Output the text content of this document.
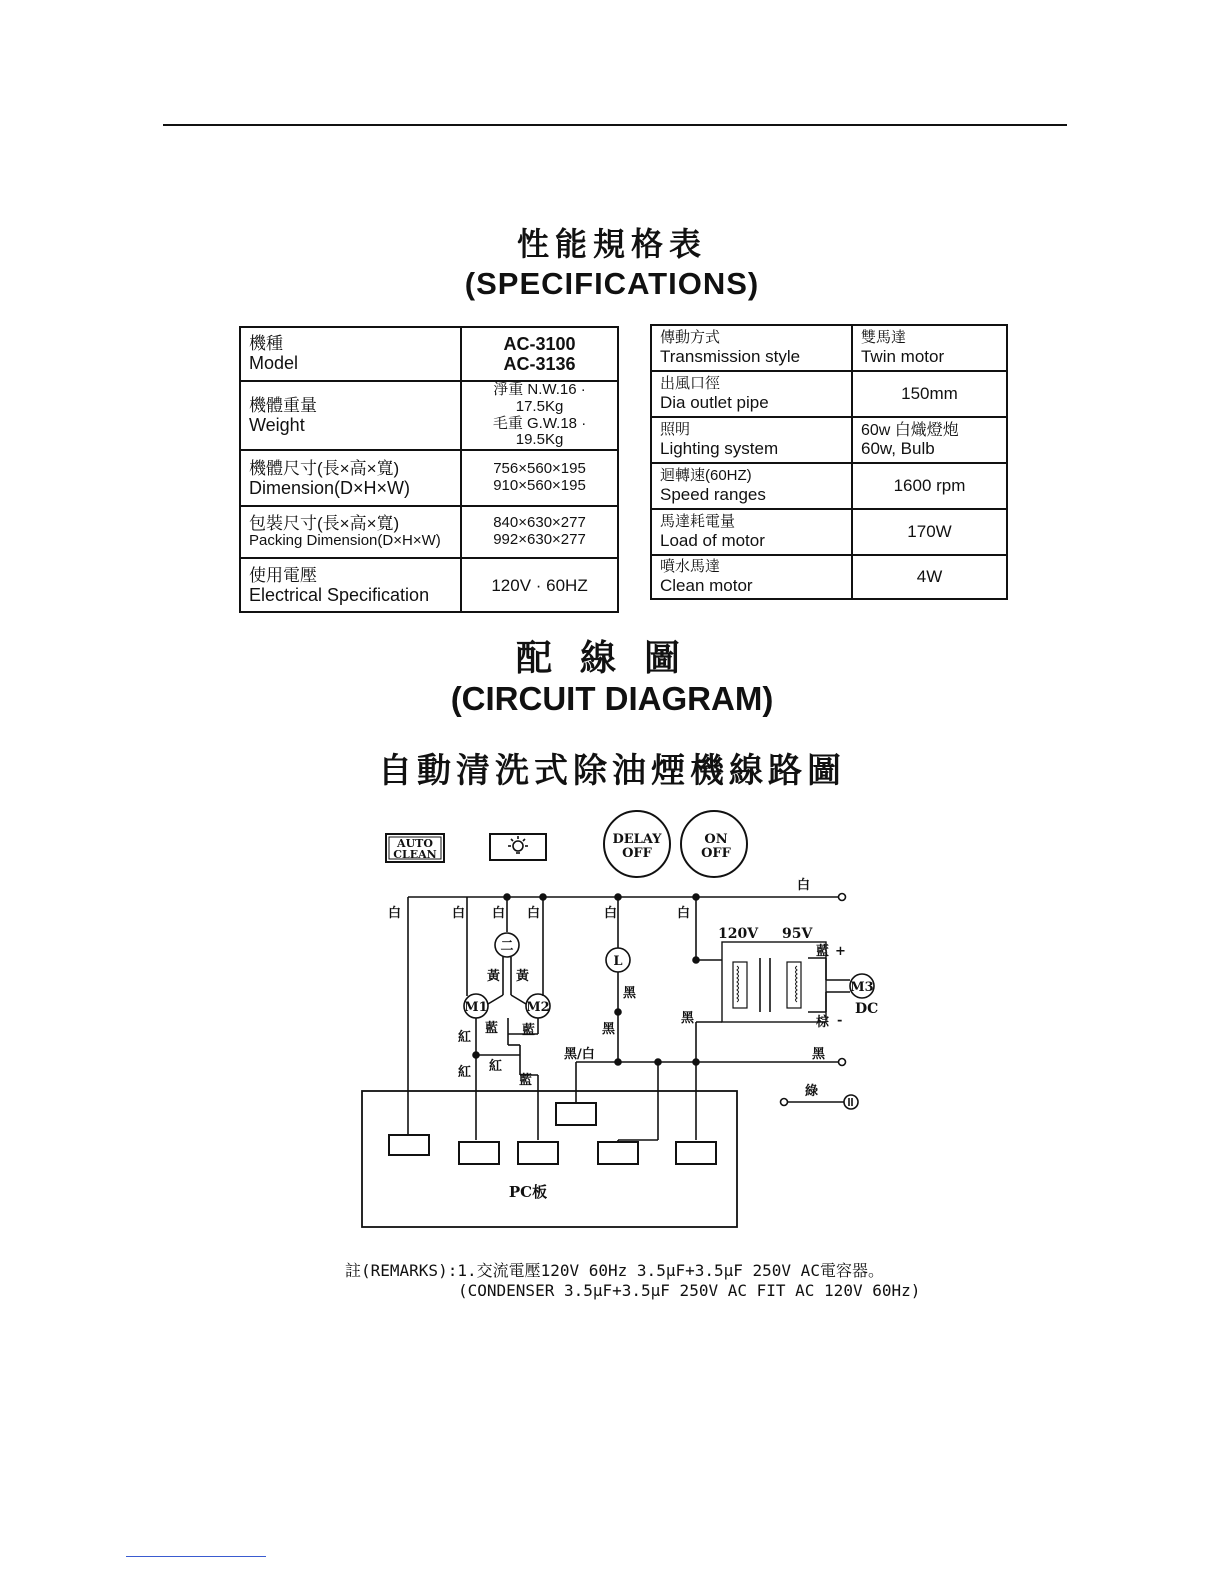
性能規格表
(SPECIFICATIONS)
機種
Model	AC-3100
AC-3136

機體重量
Weight	淨重 N.W.16 · 17.5Kg
毛重 G.W.18 · 19.5Kg

機體尺寸(長×高×寬)
Dimension(D×H×W)	756×560×195
910×560×195

包裝尺寸(長×高×寬)
Packing Dimension(D×H×W)	840×630×277
992×630×277

使用電壓
Electrical Specification	120V · 60HZ
傳動方式
Transmission style	雙馬達
Twin motor

出風口徑
Dia outlet pipe	150mm

照明
Lighting system	60w 白熾燈炮
60w, Bulb

迴轉速(60HZ)
Speed ranges	1600 rpm

馬達耗電量
Load of motor	170W

噴水馬達
Clean motor	4W
配線圖
(CIRCUIT DIAGRAM)
自動清洗式除油煙機線路圖
AUTO
CLEAN
DELAY
OFF
ON
OFF
二
M1	M2
L
M3
PC板
白	白 白 白	白	白
白
黃 黃
藍 藍
藍
紅
紅 紅
黑
黑
黑
黑
黑/白
綠
藍 +
棕 -
120V 95V
DC
註(REMARKS):1.交流電壓120V 60Hz 3.5μF+3.5μF 250V AC電容器。
(CONDENSER 3.5μF+3.5μF 250V AC FIT AC 120V 60Hz)
